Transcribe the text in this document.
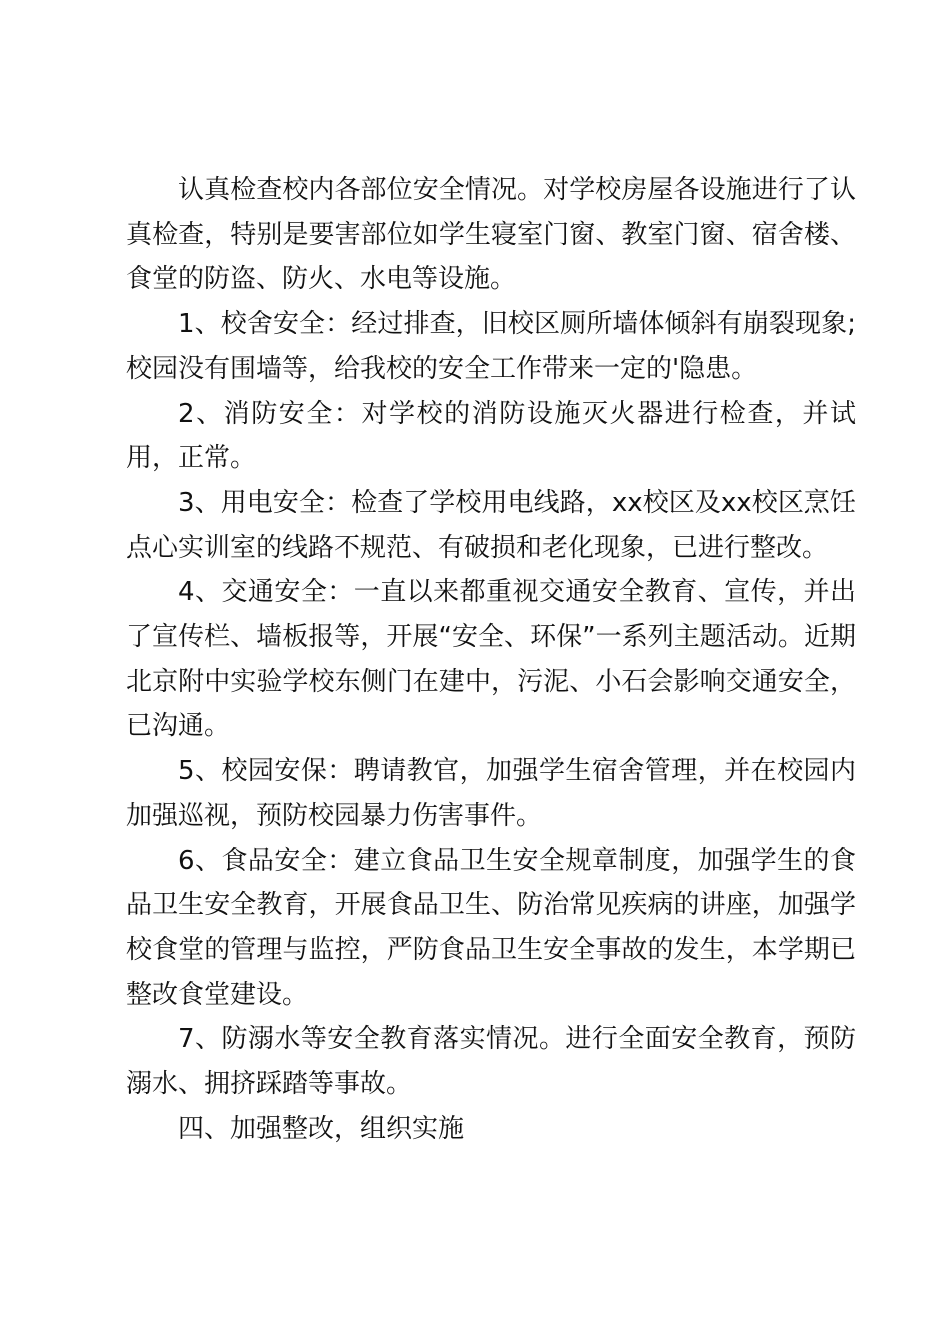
认真检查校内各部位安全情况。对学校房屋各设施进行了认真检查，特别是要害部位如学生寝室门窗、教室门窗、宿舍楼、食堂的防盗、防火、水电等设施。

1、校舍安全：经过排查，旧校区厕所墙体倾斜有崩裂现象;校园没有围墙等，给我校的安全工作带来一定的'隐患。

2、消防安全：对学校的消防设施灭火器进行检查，并试用，正常。

3、用电安全：检查了学校用电线路，xx校区及xx校区烹饪点心实训室的线路不规范、有破损和老化现象，已进行整改。

4、交通安全：一直以来都重视交通安全教育、宣传，并出了宣传栏、墙板报等，开展“安全、环保”一系列主题活动。近期北京附中实验学校东侧门在建中，污泥、小石会影响交通安全，已沟通。

5、校园安保：聘请教官，加强学生宿舍管理，并在校园内加强巡视，预防校园暴力伤害事件。

6、食品安全：建立食品卫生安全规章制度，加强学生的食品卫生安全教育，开展食品卫生、防治常见疾病的讲座，加强学校食堂的管理与监控，严防食品卫生安全事故的发生，本学期已整改食堂建设。

7、防溺水等安全教育落实情况。进行全面安全教育，预防溺水、拥挤踩踏等事故。

四、加强整改，组织实施
